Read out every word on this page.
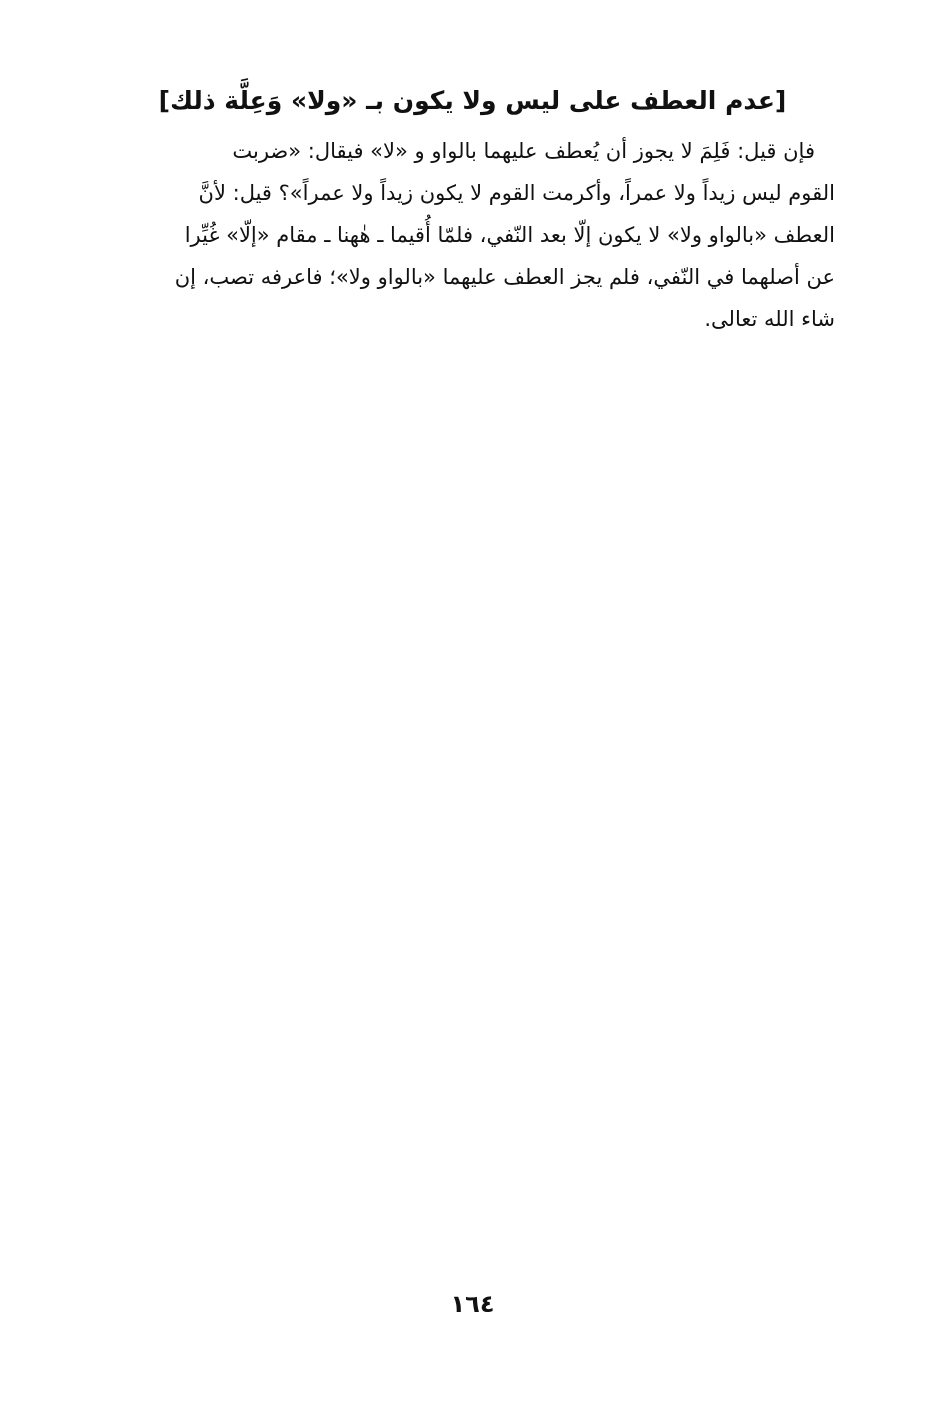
[عدم العطف على ليس ولا يكون بـ «ولا» وَعِلَّة ذلك]

فإن قيل: فَلِمَ لا يجوز أن يُعطف عليهما بالواو و «لا» فيقال: «ضربت
القوم ليس زيداً ولا عمراً، وأكرمت القوم لا يكون زيداً ولا عمراً»؟ قيل: لأنَّ
العطف «بالواو ولا» لا يكون إلّا بعد النّفي، فلمّا أُقيما ـ هٰهنا ـ مقام «إلّا» غُيِّرا
عن أصلهما في النّفي، فلم يجز العطف عليهما «بالواو ولا»؛ فاعرفه تصب، إن
شاء الله تعالى.

١٦٤
